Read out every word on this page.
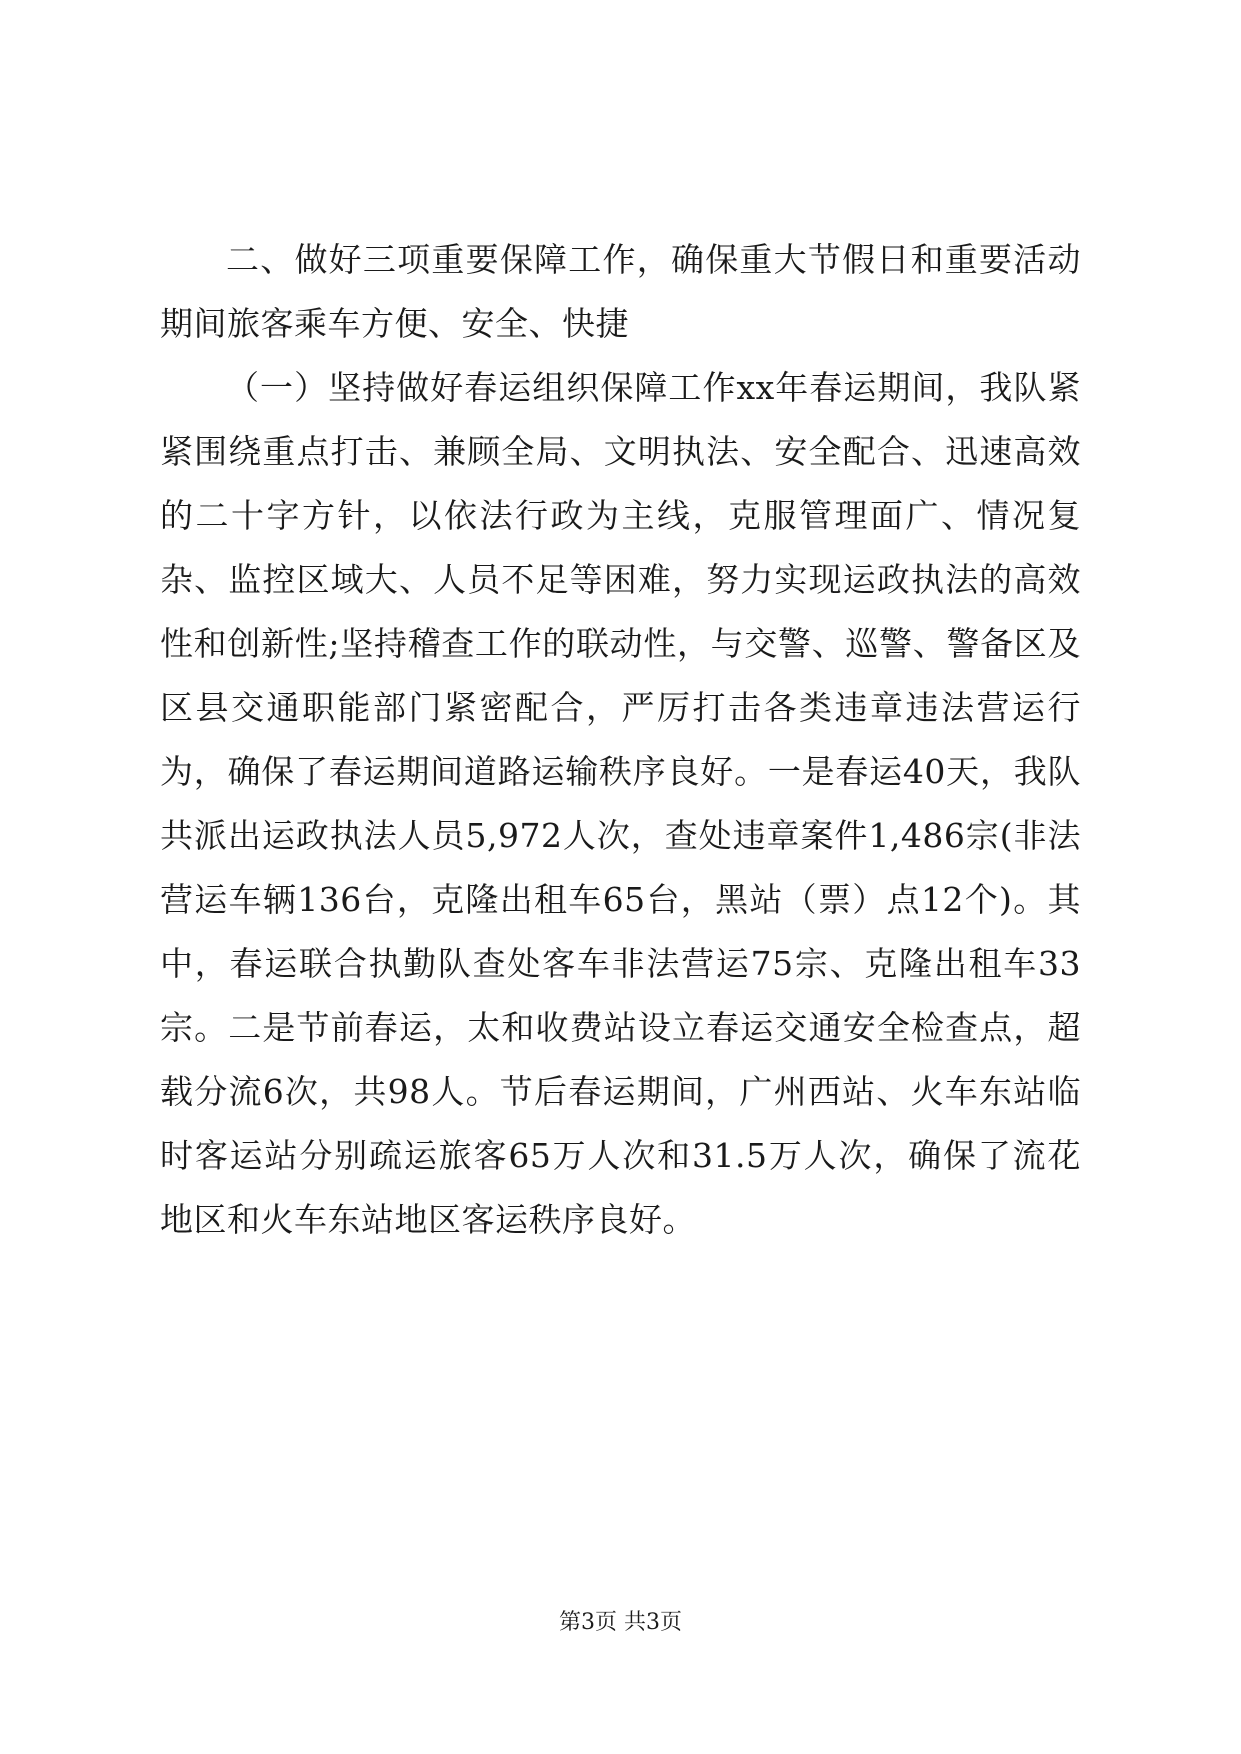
二、做好三项重要保障工作，确保重大节假日和重要活动期间旅客乘车方便、安全、快捷

（一）坚持做好春运组织保障工作xx年春运期间，我队紧紧围绕重点打击、兼顾全局、文明执法、安全配合、迅速高效的二十字方针，以依法行政为主线，克服管理面广、情况复杂、监控区域大、人员不足等困难，努力实现运政执法的高效性和创新性;坚持稽查工作的联动性，与交警、巡警、警备区及区县交通职能部门紧密配合，严厉打击各类违章违法营运行为，确保了春运期间道路运输秩序良好。一是春运40天，我队共派出运政执法人员5,972人次，查处违章案件1,486宗(非法营运车辆136台，克隆出租车65台，黑站（票）点12个)。其中，春运联合执勤队查处客车非法营运75宗、克隆出租车33宗。二是节前春运，太和收费站设立春运交通安全检查点，超载分流6次，共98人。节后春运期间，广州西站、火车东站临时客运站分别疏运旅客65万人次和31.5万人次，确保了流花地区和火车东站地区客运秩序良好。

第3页 共3页
